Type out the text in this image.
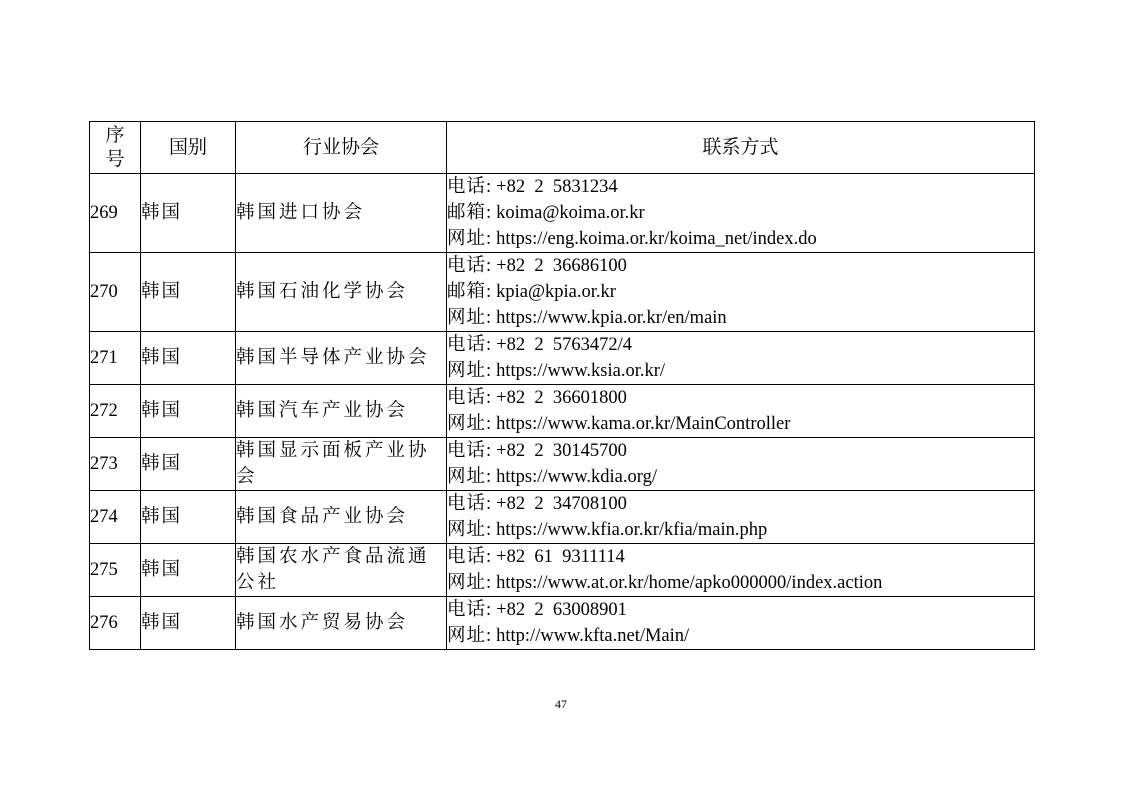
序号	国别	行业协会	联系方式
269	韩国	韩国进口协会	电话: +82  2  5831234
邮箱: koima@koima.or.kr
网址: https://eng.koima.or.kr/koima_net/index.do

270	韩国	韩国石油化学协会	电话: +82  2  36686100
邮箱: kpia@kpia.or.kr
网址: https://www.kpia.or.kr/en/main

271	韩国	韩国半导体产业协会	电话: +82  2  5763472/4
网址: https://www.ksia.or.kr/

272	韩国	韩国汽车产业协会	电话: +82  2  36601800
网址: https://www.kama.or.kr/MainController

273	韩国	韩国显示面板产业协会	电话: +82  2  30145700
网址: https://www.kdia.org/

274	韩国	韩国食品产业协会	电话: +82  2  34708100
网址: https://www.kfia.or.kr/kfia/main.php

275	韩国	韩国农水产食品流通公社	电话: +82  61  9311114
网址: https://www.at.or.kr/home/apko000000/index.action

276	韩国	韩国水产贸易协会	电话: +82  2  63008901
网址: http://www.kfta.net/Main/
47
